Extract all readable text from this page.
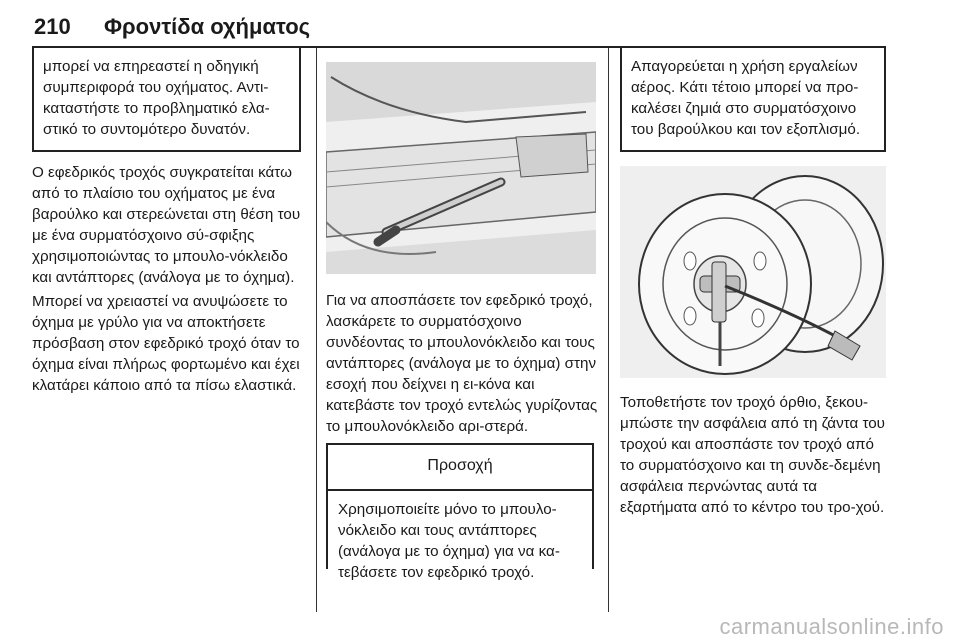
210 Φροντίδα οχήματος
μπορεί να επηρεαστεί η οδηγική συμπεριφορά του οχήματος. Αντι-καταστήστε το προβληματικό ελα-στικό το συντομότερο δυνατόν.
Ο εφεδρικός τροχός συγκρατείται κάτω από το πλαίσιο του οχήματος με ένα βαρούλκο και στερεώνεται στη θέση του με ένα συρματόσχοινο σύ-σφιξης χρησιμοποιώντας το μπουλο-νόκλειδο και αντάπτορες (ανάλογα με το όχημα).
Μπορεί να χρειαστεί να ανυψώσετε το όχημα με γρύλο για να αποκτήσετε πρόσβαση στον εφεδρικό τροχό όταν το όχημα είναι πλήρως φορτωμένο και έχει κλατάρει κάποιο από τα πίσω ελαστικά.
Για να αποσπάσετε τον εφεδρικό τροχό, λασκάρετε το συρματόσχοινο συνδέοντας το μπουλονόκλειδο και τους αντάπτορες (ανάλογα με το όχημα) στην εσοχή που δείχνει η ει-κόνα και κατεβάστε τον τροχό εντελώς γυρίζοντας το μπουλονόκλειδο αρι-στερά.
Προσοχή
Χρησιμοποιείτε μόνο το μπουλο-νόκλειδο και τους αντάπτορες (ανάλογα με το όχημα) για να κα-τεβάσετε τον εφεδρικό τροχό.
Απαγορεύεται η χρήση εργαλείων αέρος. Κάτι τέτοιο μπορεί να προ-καλέσει ζημιά στο συρματόσχοινο του βαρούλκου και τον εξοπλισμό.
Τοποθετήστε τον τροχό όρθιο, ξεκου-μπώστε την ασφάλεια από τη ζάντα του τροχού και αποσπάστε τον τροχό από το συρματόσχοινο και τη συνδε-δεμένη ασφάλεια περνώντας αυτά τα εξαρτήματα από το κέντρο του τρο-χού.
carmanualsonline.info
